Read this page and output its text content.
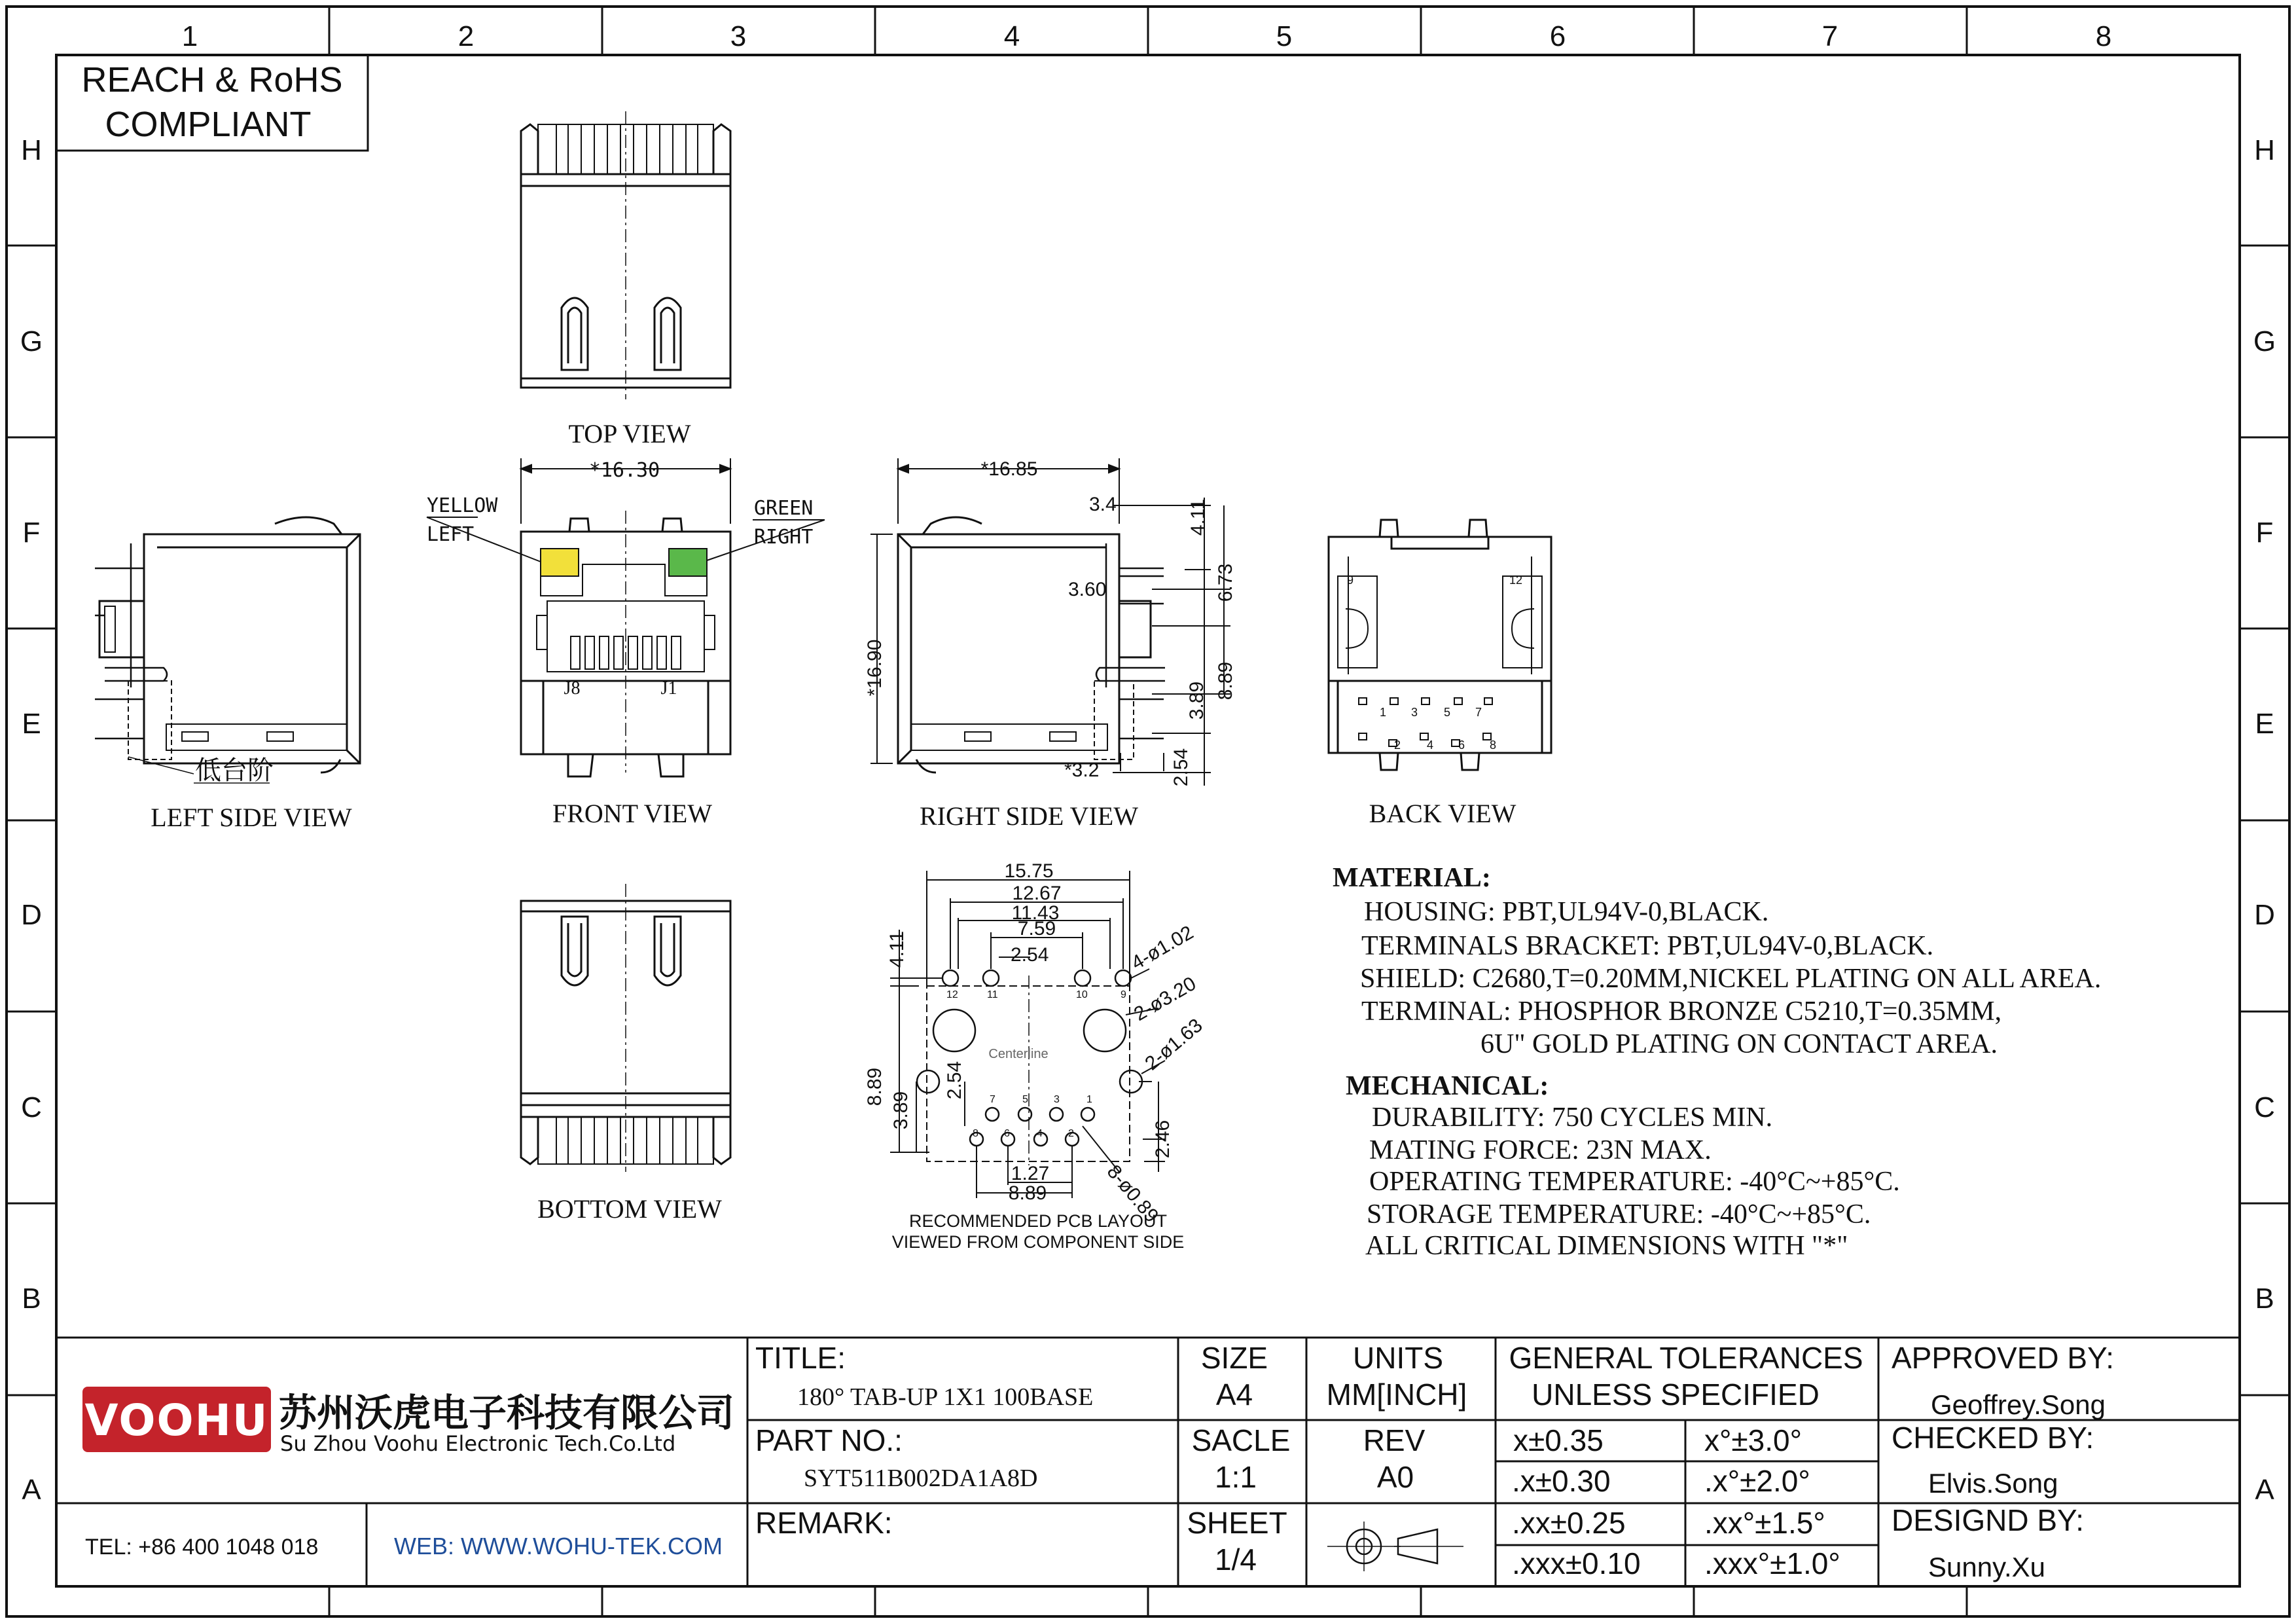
1	2	3	4	5	6	7	8
H
G
F
E
D
C
B
A
H
G
F
E
D
C
B
A
REACH & RoHS
COMPLIANT
TOP VIEW
低台阶
LEFT SIDE VIEW
*16.30
YELLOW
LEFT
GREEN
RIGHT
J8	J1
FRONT VIEW
*16.85
*16.90
3.4
3.60
4.11
6.73
8.89
3.89
2.54
*3.2
RIGHT SIDE VIEW
9	12
1 3 5 7
2 4 6 8
BACK VIEW
BOTTOM VIEW
15.75
12.67
11.43
7.59
2.54
4.11
8.89
3.89
2.54
2.46
1.27
8.89
4-ø1.02
2-ø3.20
2-ø1.63
8-ø0.89
12	11	10	9
7	5 3	1
8 6	4 2
Centerline
RECOMMENDED PCB LAYOUT
VIEWED FROM COMPONENT SIDE
MATERIAL:
HOUSING: PBT,UL94V-0,BLACK.
TERMINALS BRACKET: PBT,UL94V-0,BLACK.
SHIELD: C2680,T=0.20MM,NICKEL PLATING ON ALL AREA.
TERMINAL: PHOSPHOR BRONZE C5210,T=0.35MM,
6U" GOLD PLATING ON CONTACT AREA.
MECHANICAL:
DURABILITY: 750 CYCLES MIN.
MATING FORCE: 23N MAX.
OPERATING TEMPERATURE: -40°C~+85°C.
STORAGE TEMPERATURE: -40°C~+85°C.
ALL CRITICAL DIMENSIONS WITH "*"
VOOHU 苏州沃虎电子科技有限公司
Su Zhou Voohu Electronic Tech.Co.Ltd
TEL: +86 400 1048 018	WEB: WWW.WOHU-TEK.COM
TITLE:
180° TAB-UP 1X1 100BASE
PART NO.:
SYT511B002DA1A8D
REMARK:
SIZE
A4
SACLE
1:1
SHEET
1/4
UNITS
MM[INCH]
REV
A0
GENERAL TOLERANCES
UNLESS SPECIFIED
x±0.35	x°±3.0°
.x±0.30	.x°±2.0°
.xx±0.25	.xx°±1.5°
.xxx±0.10 .xxx°±1.0°
APPROVED BY:
Geoffrey.Song
CHECKED BY:
Elvis.Song
DESIGND BY:
Sunny.Xu
